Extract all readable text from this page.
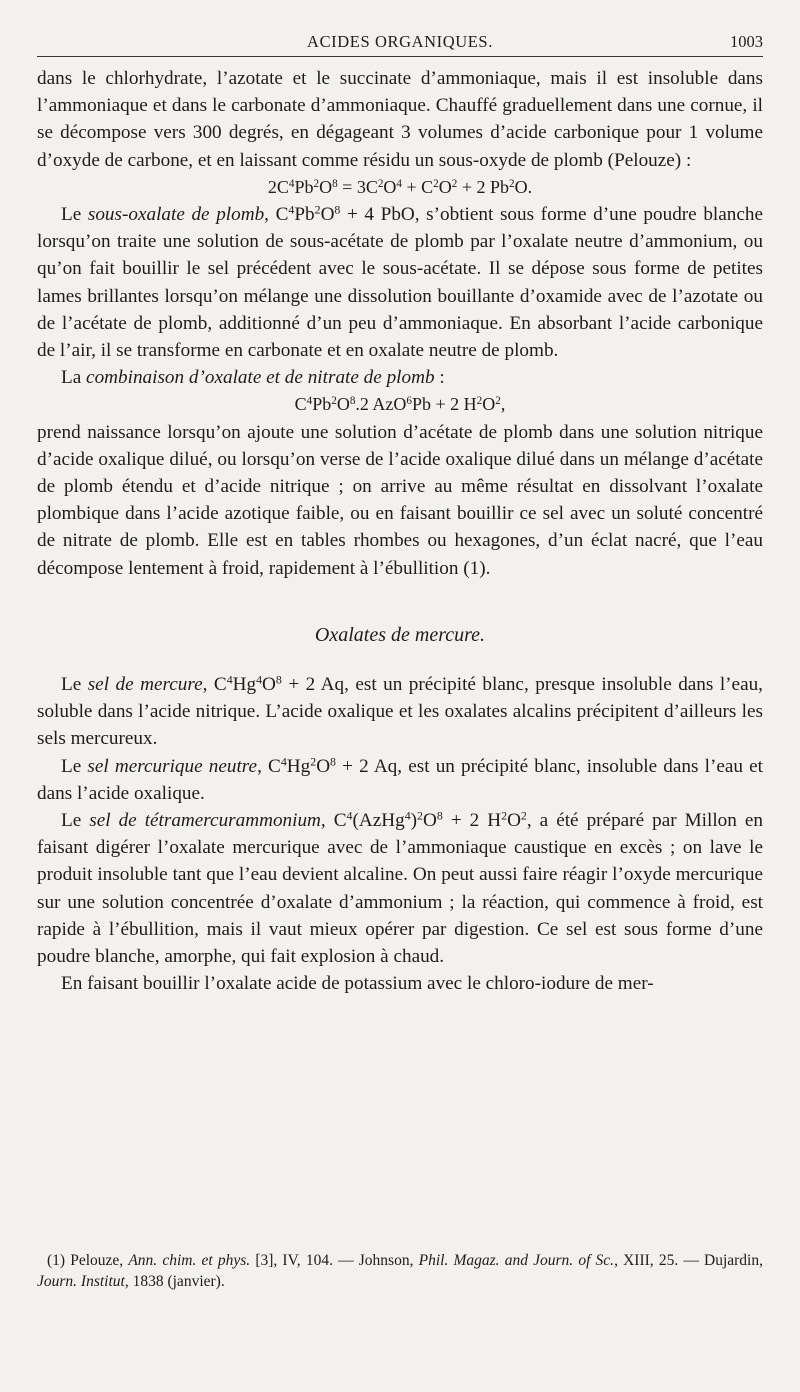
ACIDES ORGANIQUES.	1003

dans le chlorhydrate, l’azotate et le succinate d’ammoniaque, mais il est insoluble dans l’ammoniaque et dans le carbonate d’ammoniaque. Chauffé graduellement dans une cornue, il se décompose vers 300 degrés, en dégageant 3 volumes d’acide carbonique pour 1 volume d’oxyde de carbone, et en laissant comme résidu un sous-oxyde de plomb (Pelouze) :

$2C^4Pb^2O^8 = 3C^2O^4 + C^2O^2 + 2$ Pb$^2$O.

Le sous-oxalate de plomb, $C^4Pb^2O^8 + 4$ PbO, s’obtient sous forme d’une poudre blanche lorsqu’on traite une solution de sous-acétate de plomb par l’oxalate neutre d’ammonium, ou qu’on fait bouillir le sel précédent avec le sous-acétate. Il se dépose sous forme de petites lames brillantes lorsqu’on mélange une dissolution bouillante d’oxamide avec de l’azotate ou de l’acétate de plomb, additionné d’un peu d’ammoniaque. En absorbant l’acide carbonique de l’air, il se transforme en carbonate et en oxalate neutre de plomb.

La combinaison d’oxalate et de nitrate de plomb :

$C^4Pb^2O^8.2$ AzO$^6$Pb + 2 $H^2O^2$,

prend naissance lorsqu’on ajoute une solution d’acétate de plomb dans une solution nitrique d’acide oxalique dilué, ou lorsqu’on verse de l’acide oxalique dilué dans un mélange d’acétate de plomb étendu et d’acide nitrique ; on arrive au même résultat en dissolvant l’oxalate plombique dans l’acide azotique faible, ou en faisant bouillir ce sel avec un soluté concentré de nitrate de plomb. Elle est en tables rhombes ou hexagones, d’un éclat nacré, que l’eau décompose lentement à froid, rapidement à l’ébullition (1).

Oxalates de mercure.

Le sel de mercure, $C^4Hg^4O^8 + 2$ Aq, est un précipité blanc, presque insoluble dans l’eau, soluble dans l’acide nitrique. L’acide oxalique et les oxalates alcalins précipitent d’ailleurs les sels mercureux.

Le sel mercurique neutre, $C^4Hg^2O^8 + 2$ Aq, est un précipité blanc, insoluble dans l’eau et dans l’acide oxalique.

Le sel de tétramercurammonium, $C^4(AzHg^4)^2O^8 + 2$ $H^2O^2$, a été préparé par Millon en faisant digérer l’oxalate mercurique avec de l’ammoniaque caustique en excès ; on lave le produit insoluble tant que l’eau devient alcaline. On peut aussi faire réagir l’oxyde mercurique sur une solution concentrée d’oxalate d’ammonium ; la réaction, qui commence à froid, est rapide à l’ébullition, mais il vaut mieux opérer par digestion. Ce sel est sous forme d’une poudre blanche, amorphe, qui fait explosion à chaud.

En faisant bouillir l’oxalate acide de potassium avec le chloro-iodure de mer-

(1) Pelouze, Ann. chim. et phys. [3], IV, 104. — Johnson, Phil. Magaz. and Journ. of Sc., XIII, 25. — Dujardin, Journ. Institut, 1838 (janvier).
